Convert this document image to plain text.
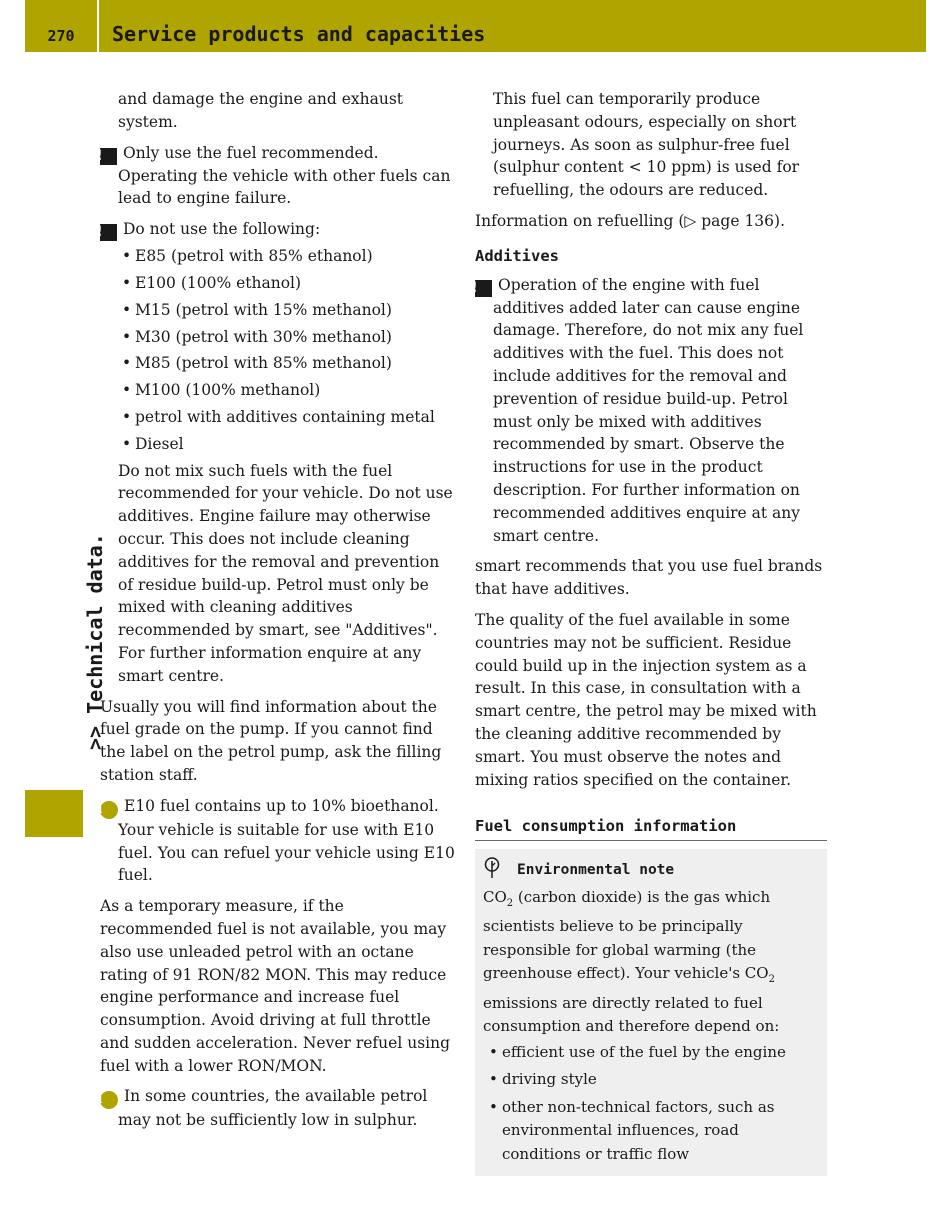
270	Service products and capacities
>> Technical data.

and damage the engine and exhaust system.

! Only use the fuel recommended. Operating the vehicle with other fuels can lead to engine failure.

! Do not use the following:

• E85 (petrol with 85% ethanol)
• E100 (100% ethanol)
• M15 (petrol with 15% methanol)
• M30 (petrol with 30% methanol)
• M85 (petrol with 85% methanol)
• M100 (100% methanol)
• petrol with additives containing metal
• Diesel

Do not mix such fuels with the fuel recommended for your vehicle. Do not use additives. Engine failure may otherwise occur. This does not include cleaning additives for the removal and prevention of residue build-up. Petrol must only be mixed with cleaning additives recommended by smart, see "Additives". For further information enquire at any smart centre.

Usually you will find information about the fuel grade on the pump. If you cannot find the label on the petrol pump, ask the filling station staff.

i E10 fuel contains up to 10% bioethanol. Your vehicle is suitable for use with E10 fuel. You can refuel your vehicle using E10 fuel.

As a temporary measure, if the recommended fuel is not available, you may also use unleaded petrol with an octane rating of 91 RON/82 MON. This may reduce engine performance and increase fuel consumption. Avoid driving at full throttle and sudden acceleration. Never refuel using fuel with a lower RON/MON.

i In some countries, the available petrol may not be sufficiently low in sulphur.

This fuel can temporarily produce unpleasant odours, especially on short journeys. As soon as sulphur-free fuel (sulphur content < 10 ppm) is used for refuelling, the odours are reduced.

Information on refuelling (▷ page 136).

Additives

! Operation of the engine with fuel additives added later can cause engine damage. Therefore, do not mix any fuel additives with the fuel. This does not include additives for the removal and prevention of residue build-up. Petrol must only be mixed with additives recommended by smart. Observe the instructions for use in the product description. For further information on recommended additives enquire at any smart centre.

smart recommends that you use fuel brands that have additives.

The quality of the fuel available in some countries may not be sufficient. Residue could build up in the injection system as a result. In this case, in consultation with a smart centre, the petrol may be mixed with the cleaning additive recommended by smart. You must observe the notes and mixing ratios specified on the container.

Fuel consumption information
Environmental note

$CO_2$ (carbon dioxide) is the gas which scientists believe to be principally responsible for global warming (the greenhouse effect). Your vehicle's $CO_2$ emissions are directly related to fuel consumption and therefore depend on:

• efficient use of the fuel by the engine
• driving style
• other non-technical factors, such as environmental influences, road conditions or traffic flow
